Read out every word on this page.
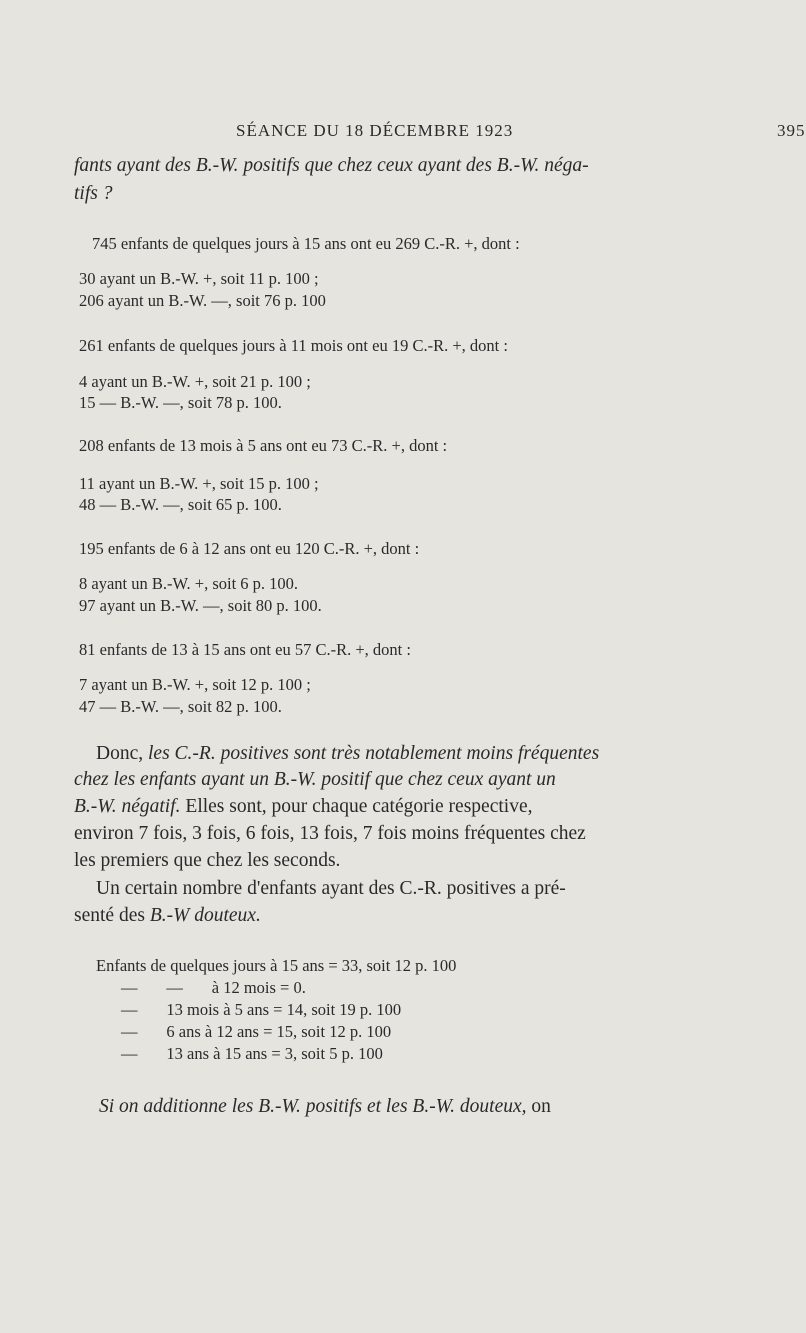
SÉANCE DU 18 DÉCEMBRE 1923	395
fants ayant des B.-W. positifs que chez ceux ayant des B.-W. néga-
tifs ?
745 enfants de quelques jours à 15 ans ont eu 269 C.-R. +, dont :
30 ayant un B.-W. +, soit 11 p. 100 ;
206 ayant un B.-W. —, soit 76 p. 100
261 enfants de quelques jours à 11 mois ont eu 19 C.-R. +, dont :
4 ayant un B.-W. +, soit 21 p. 100 ;
15 — B.-W. —, soit 78 p. 100.
208 enfants de 13 mois à 5 ans ont eu 73 C.-R. +, dont :
11 ayant un B.-W. +, soit 15 p. 100 ;
48 — B.-W. —, soit 65 p. 100.
195 enfants de 6 à 12 ans ont eu 120 C.-R. +, dont :
8 ayant un B.-W. +, soit 6 p. 100.
97 ayant un B.-W. —, soit 80 p. 100.
81 enfants de 13 à 15 ans ont eu 57 C.-R. +, dont :
7 ayant un B.-W. +, soit 12 p. 100 ;
47 — B.-W. —, soit 82 p. 100.
Donc, les C.-R. positives sont très notablement moins fréquentes
chez les enfants ayant un B.-W. positif que chez ceux ayant un
B.-W. négatif. Elles sont, pour chaque catégorie respective,
environ 7 fois, 3 fois, 6 fois, 13 fois, 7 fois moins fréquentes chez
les premiers que chez les seconds.
Un certain nombre d'enfants ayant des C.-R. positives a pré-
senté des B.-W douteux.
Enfants de quelques jours à 15 ans = 33, soit 12 p. 100
—       —       à 12 mois = 0.
—       13 mois à 5 ans = 14, soit 19 p. 100
—       6 ans à 12 ans = 15, soit 12 p. 100
—       13 ans à 15 ans = 3, soit 5 p. 100
Si on additionne les B.-W. positifs et les B.-W. douteux, on
